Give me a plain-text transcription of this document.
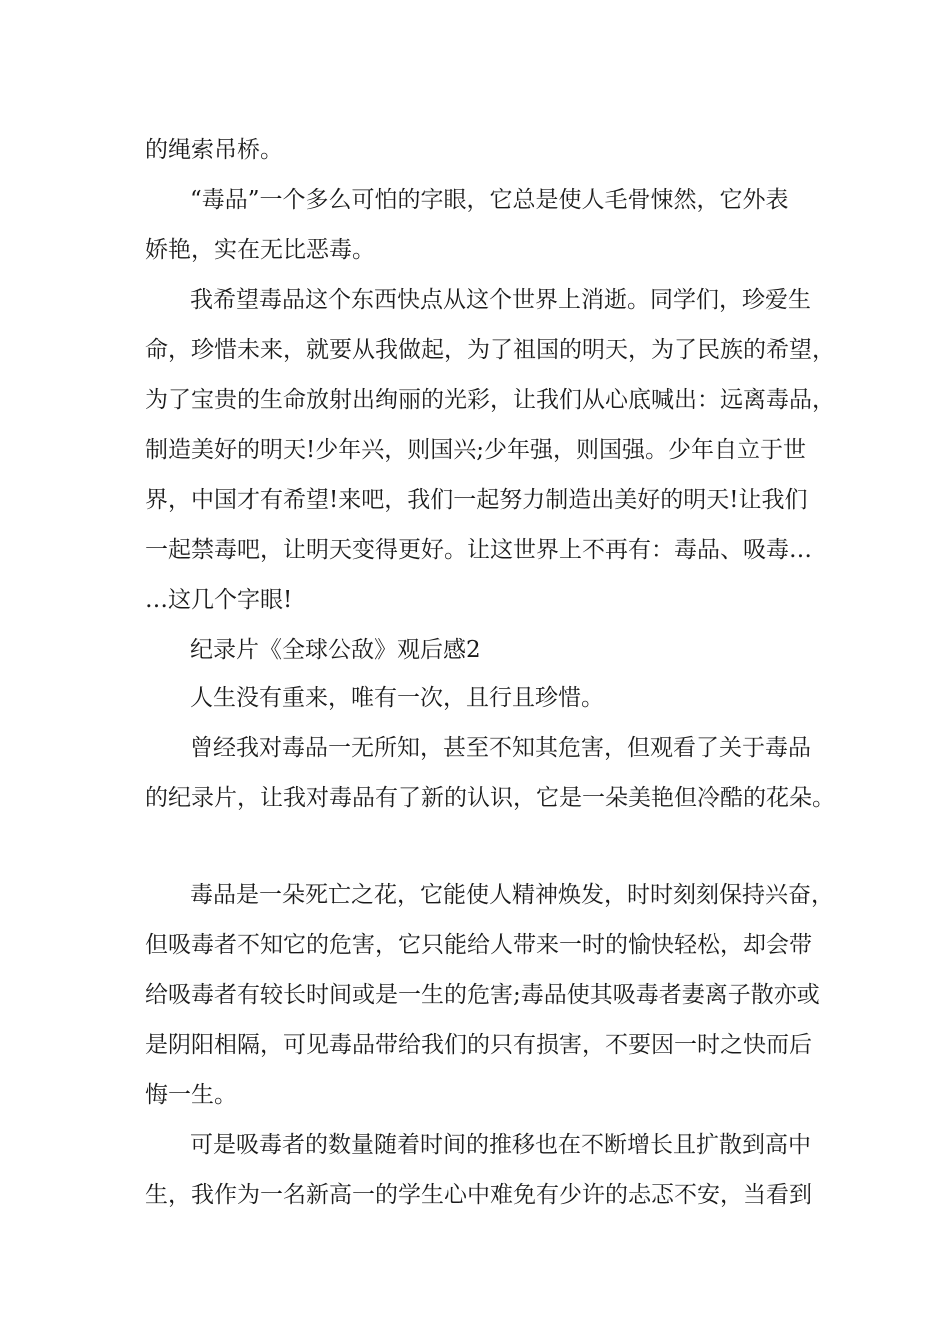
的绳索吊桥。
“毒品”一个多么可怕的字眼，它总是使人毛骨悚然，它外表
娇艳，实在无比恶毒。
我希望毒品这个东西快点从这个世界上消逝。同学们，珍爱生
命，珍惜未来，就要从我做起，为了祖国的明天，为了民族的希望，
为了宝贵的生命放射出绚丽的光彩，让我们从心底喊出：远离毒品，
制造美好的明天!少年兴，则国兴;少年强，则国强。少年自立于世
界，中国才有希望!来吧，我们一起努力制造出美好的明天!让我们
一起禁毒吧，让明天变得更好。让这世界上不再有：毒品、吸毒…
…这几个字眼!
纪录片《全球公敌》观后感2
人生没有重来，唯有一次，且行且珍惜。
曾经我对毒品一无所知，甚至不知其危害，但观看了关于毒品
的纪录片，让我对毒品有了新的认识，它是一朵美艳但冷酷的花朵。
毒品是一朵死亡之花，它能使人精神焕发，时时刻刻保持兴奋，
但吸毒者不知它的危害，它只能给人带来一时的愉快轻松，却会带
给吸毒者有较长时间或是一生的危害;毒品使其吸毒者妻离子散亦或
是阴阳相隔，可见毒品带给我们的只有损害，不要因一时之快而后
悔一生。
可是吸毒者的数量随着时间的推移也在不断增长且扩散到高中
生，我作为一名新高一的学生心中难免有少许的忐忑不安，当看到
